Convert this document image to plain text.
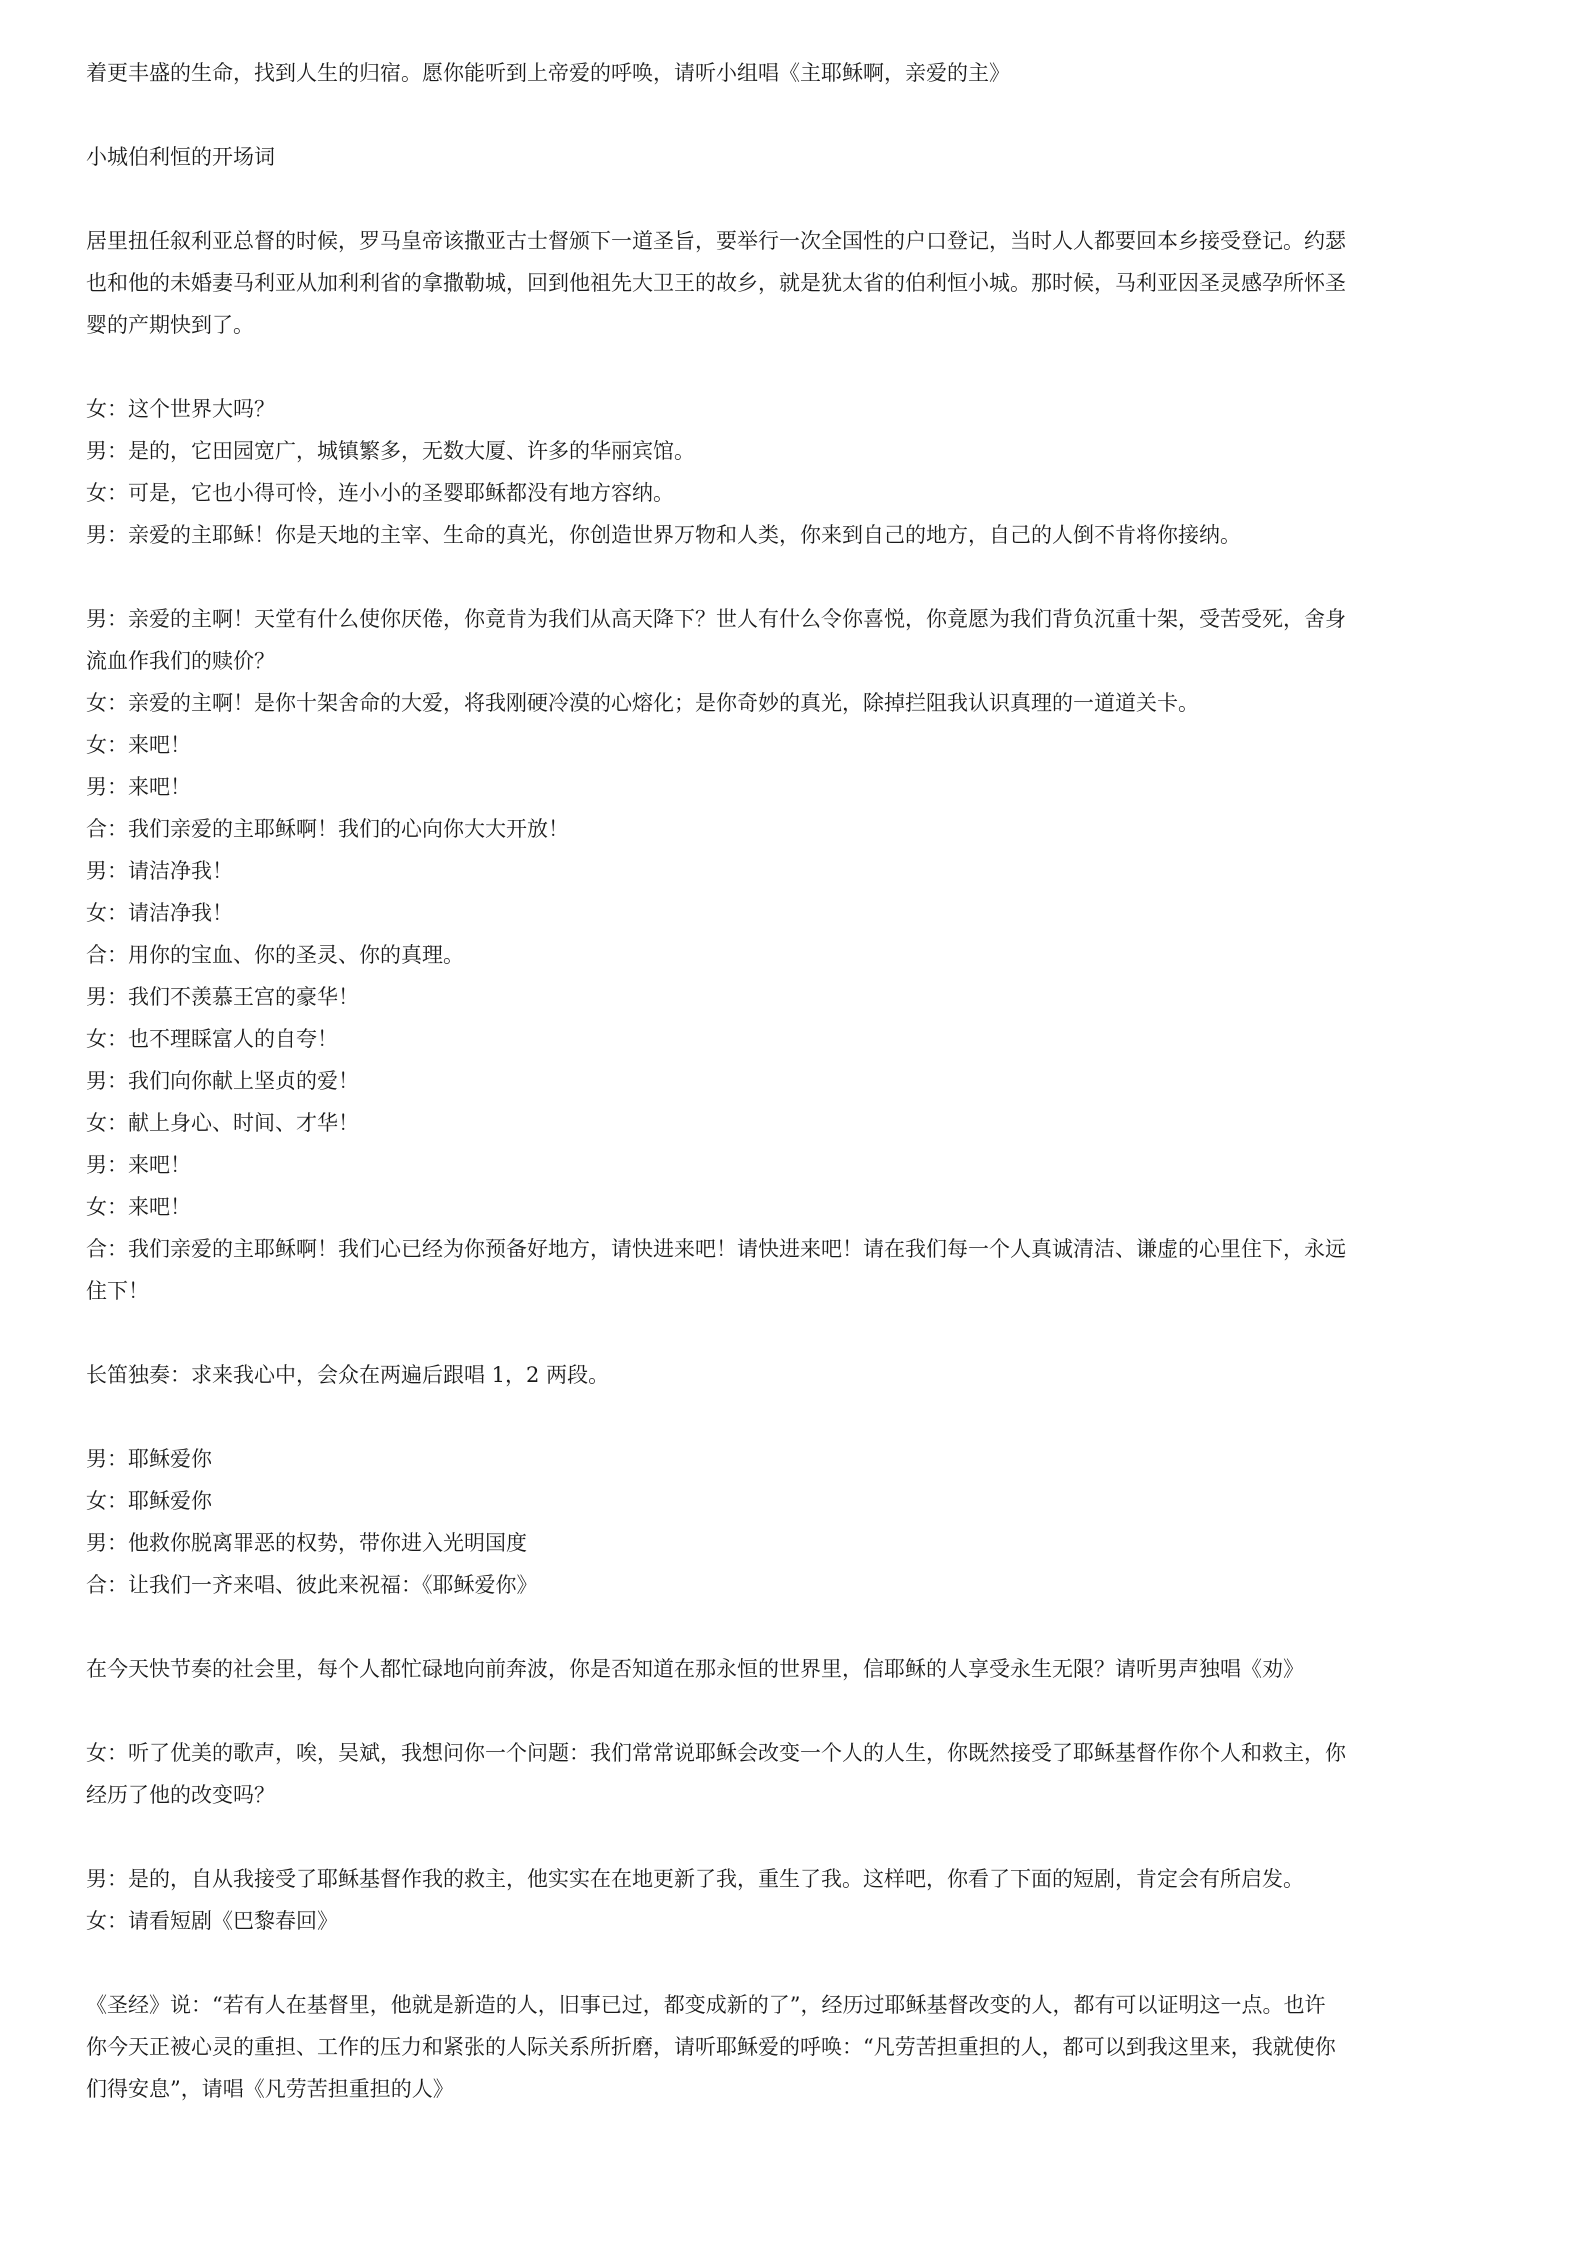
着更丰盛的生命，找到人生的归宿。愿你能听到上帝爱的呼唤，请听小组唱《主耶稣啊，亲爱的主》
小城伯利恒的开场词
居里扭任叙利亚总督的时候，罗马皇帝该撒亚古士督颁下一道圣旨，要举行一次全国性的户口登记，当时人人都要回本乡接受登记。约瑟
也和他的未婚妻马利亚从加利利省的拿撒勒城，回到他祖先大卫王的故乡，就是犹太省的伯利恒小城。那时候，马利亚因圣灵感孕所怀圣
婴的产期快到了。
女：这个世界大吗？
男：是的，它田园宽广，城镇繁多，无数大厦、许多的华丽宾馆。
女：可是，它也小得可怜，连小小的圣婴耶稣都没有地方容纳。
男：亲爱的主耶稣！你是天地的主宰、生命的真光，你创造世界万物和人类，你来到自己的地方，自己的人倒不肯将你接纳。
男：亲爱的主啊！天堂有什么使你厌倦，你竟肯为我们从高天降下？世人有什么令你喜悦，你竟愿为我们背负沉重十架，受苦受死，舍身
流血作我们的赎价？
女：亲爱的主啊！是你十架舍命的大爱，将我刚硬冷漠的心熔化；是你奇妙的真光，除掉拦阻我认识真理的一道道关卡。
女：来吧！
男：来吧！
合：我们亲爱的主耶稣啊！我们的心向你大大开放！
男：请洁净我！
女：请洁净我！
合：用你的宝血、你的圣灵、你的真理。
男：我们不羡慕王宫的豪华！
女：也不理睬富人的自夸！
男：我们向你献上坚贞的爱！
女：献上身心、时间、才华！
男：来吧！
女：来吧！
合：我们亲爱的主耶稣啊！我们心已经为你预备好地方，请快进来吧！请快进来吧！请在我们每一个人真诚清洁、谦虚的心里住下，永远
住下！
长笛独奏：求来我心中，会众在两遍后跟唱 1，2 两段。
男：耶稣爱你
女：耶稣爱你
男：他救你脱离罪恶的权势，带你进入光明国度
合：让我们一齐来唱、彼此来祝福：《耶稣爱你》
在今天快节奏的社会里，每个人都忙碌地向前奔波，你是否知道在那永恒的世界里，信耶稣的人享受永生无限？请听男声独唱《劝》
女：听了优美的歌声，唉，吴斌，我想问你一个问题：我们常常说耶稣会改变一个人的人生，你既然接受了耶稣基督作你个人和救主，你
经历了他的改变吗？
男：是的，自从我接受了耶稣基督作我的救主，他实实在在地更新了我，重生了我。这样吧，你看了下面的短剧，肯定会有所启发。
女：请看短剧《巴黎春回》
《圣经》说：“若有人在基督里，他就是新造的人，旧事已过，都变成新的了”，经历过耶稣基督改变的人，都有可以证明这一点。也许
你今天正被心灵的重担、工作的压力和紧张的人际关系所折磨，请听耶稣爱的呼唤：“凡劳苦担重担的人，都可以到我这里来，我就使你
们得安息”，请唱《凡劳苦担重担的人》
